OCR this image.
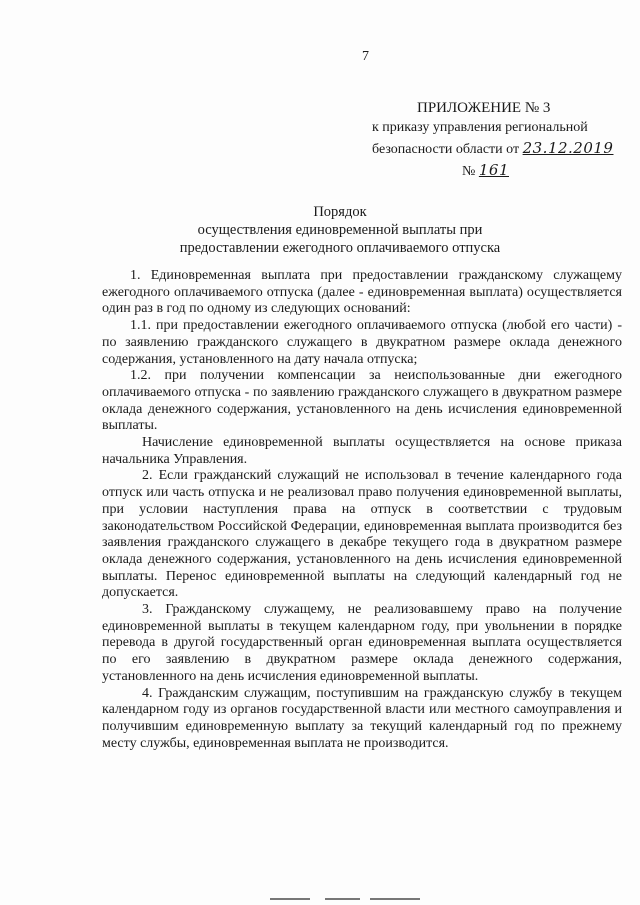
7
ПРИЛОЖЕНИЕ № 3
к приказу управления региональной
безопасности области от 23.12.2019
№ 161
Порядок
осуществления единовременной выплаты при
предоставлении ежегодного оплачиваемого отпуска

1. Единовременная выплата при предоставлении гражданскому служащему ежегодного оплачиваемого отпуска (далее - единовременная выплата) осуществляется один раз в год по одному из следующих оснований:

1.1. при предоставлении ежегодного оплачиваемого отпуска (любой его части) - по заявлению гражданского служащего в двукратном размере оклада денежного содержания, установленного на дату начала отпуска;

1.2. при получении компенсации за неиспользованные дни ежегодного оплачиваемого отпуска - по заявлению гражданского служащего в двукратном размере оклада денежного содержания, установленного на день исчисления единовременной выплаты.

Начисление единовременной выплаты осуществляется на основе приказа начальника Управления.

2. Если гражданский служащий не использовал в течение календарного года отпуск или часть отпуска и не реализовал право получения единовременной выплаты, при условии наступления права на отпуск в соответствии с трудовым законодательством Российской Федерации, единовременная выплата производится без заявления гражданского служащего в декабре текущего года в двукратном размере оклада денежного содержания, установленного на день исчисления единовременной выплаты. Перенос единовременной выплаты на следующий календарный год не допускается.

3. Гражданскому служащему, не реализовавшему право на получение единовременной выплаты в текущем календарном году, при увольнении в порядке перевода в другой государственный орган единовременная выплата осуществляется по его заявлению в двукратном размере оклада денежного содержания, установленного на день исчисления единовременной выплаты.

4. Гражданским служащим, поступившим на гражданскую службу в текущем календарном году из органов государственной власти или местного самоуправления и получившим единовременную выплату за текущий календарный год по прежнему месту службы, единовременная выплата не производится.
